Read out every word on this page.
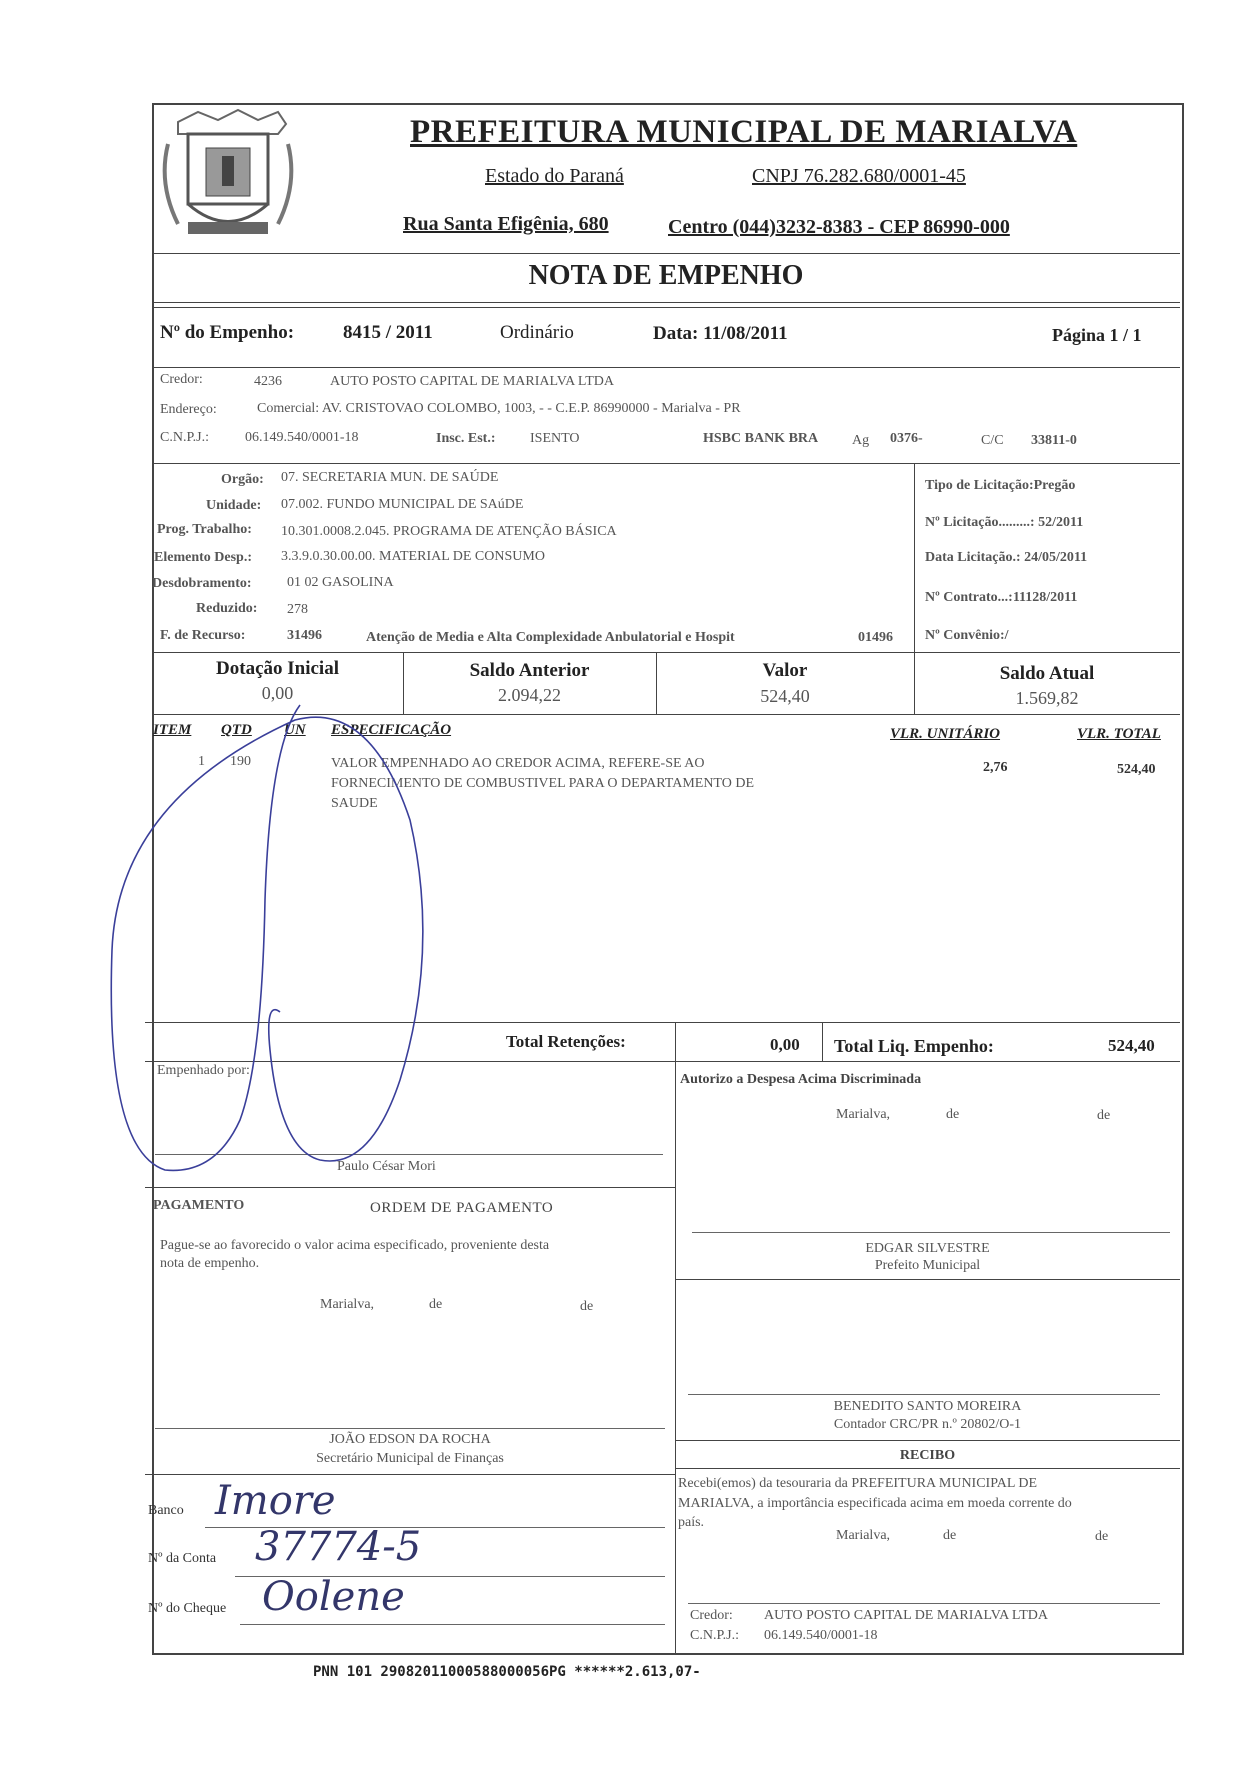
PREFEITURA MUNICIPAL DE MARIALVA
Estado do Paraná	CNPJ 76.282.680/0001-45
Rua Santa Efigênia, 680	Centro (044)3232-8383 - CEP 86990-000
NOTA DE EMPENHO
Nº do Empenho:	8415 / 2011	Ordinário	Data: 11/08/2011	Página 1 / 1
Credor:	4236	AUTO POSTO CAPITAL DE MARIALVA LTDA
Endereço:	Comercial: AV. CRISTOVAO COLOMBO, 1003, - - C.E.P. 86990000 - Marialva - PR
C.N.P.J.:	06.149.540/0001-18	Insc. Est.: ISENTO	HSBC BANK BRA Ag 0376-	C/C 33811-0
Orgão: 07. SECRETARIA MUN. DE SAÚDE
Unidade: 07.002. FUNDO MUNICIPAL DE SAúDE
Prog. Trabalho: 10.301.0008.2.045. PROGRAMA DE ATENÇÃO BÁSICA
Elemento Desp.: 3.3.9.0.30.00.00. MATERIAL DE CONSUMO
Desdobramento:	01 02 GASOLINA
Reduzido: 278
F. de Recurso:	31496	Atenção de Media e Alta Complexidade Anbulatorial e Hospit	01496
Tipo de Licitação:Pregão
Nº Licitação.........: 52/2011
Data Licitação.: 24/05/2011
Nº Contrato...:11128/2011
Nº Convênio:/
Dotação Inicial
0,00
Saldo Anterior
2.094,22
Valor
524,40
Saldo Atual
1.569,82
ITEM QTD UN ESPECIFICAÇÃO	VLR. UNITÁRIO	VLR. TOTAL
1 190	VALOR EMPENHADO AO CREDOR ACIMA, REFERE-SE AO
FORNECIMENTO DE COMBUSTIVEL PARA O DEPARTAMENTO DE
SAUDE
2,76	524,40
Total Retenções:	0,00 Total Liq. Empenho:	524,40
Empenhado por:
Paulo César Mori
Autorizo a Despesa Acima Discriminada
Marialva,	de	de
EDGAR SILVESTRE
Prefeito Municipal
PAGAMENTO	ORDEM DE PAGAMENTO
Pague-se ao favorecido o valor acima especificado, proveniente desta
nota de empenho.
Marialva,	de	de
JOÃO EDSON DA ROCHA
Secretário Municipal de Finanças
BENEDITO SANTO MOREIRA
Contador CRC/PR n.º 20802/O-1
RECIBO
Recebi(emos) da tesouraria da PREFEITURA MUNICIPAL DE
MARIALVA, a importância especificada acima em moeda corrente do
país.
Marialva,	de	de
Credor: AUTO POSTO CAPITAL DE MARIALVA LTDA
C.N.P.J.: 06.149.540/0001-18
Banco Imore
Nº da Conta 37774-5
Nº do Cheque Oolene
PNN 101 29082011000588000056PG ******2.613,07-
